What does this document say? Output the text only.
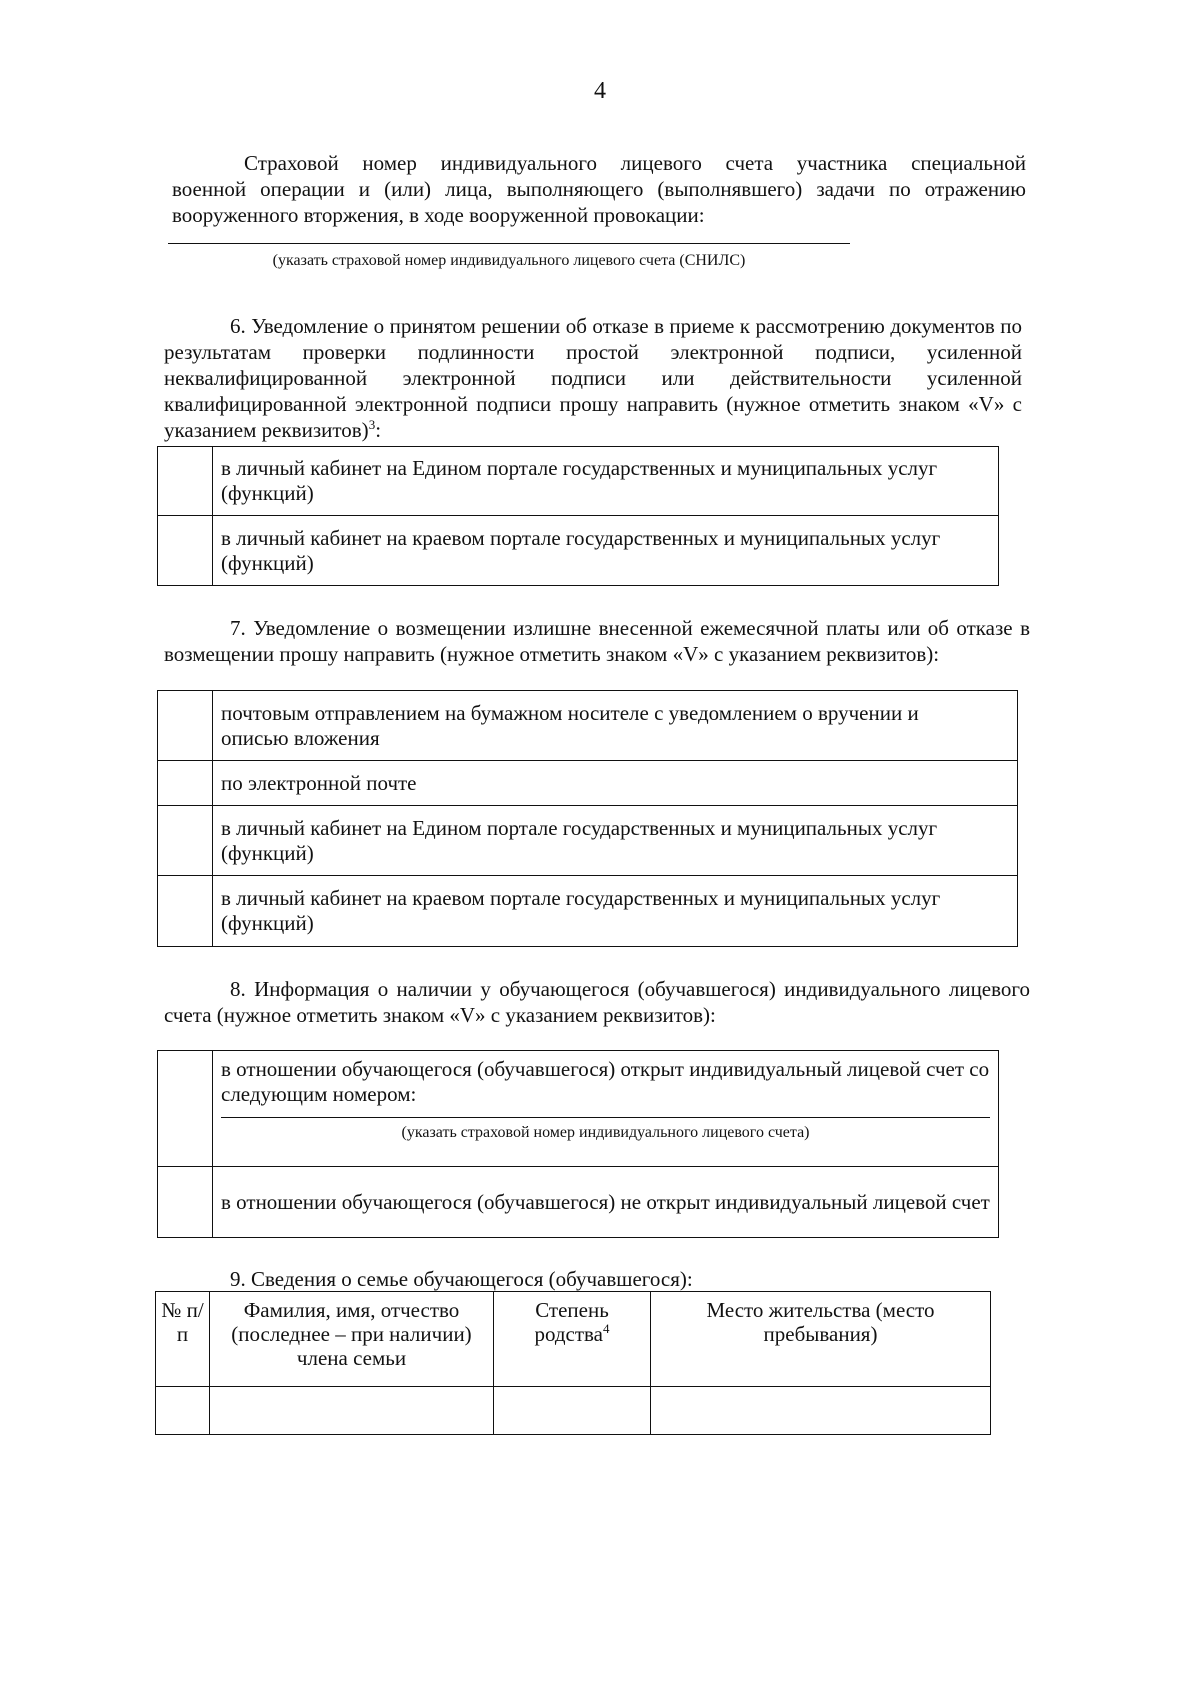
4
Страховой номер индивидуального лицевого счета участника специальной
военной операции и (или) лица, выполняющего (выполнявшего) задачи по отражению
вооруженного вторжения, в ходе вооруженной провокации:
(указать страховой номер индивидуального лицевого счета (СНИЛС)
6. Уведомление о принятом решении об отказе в приеме к рассмотрению документов по результатам проверки подлинности простой электронной подписи, усиленной неквалифицированной электронной подписи или действительности усиленной квалифицированной электронной подписи прошу направить (нужное отметить знаком «V» с указанием реквизитов)$^3$:
	в личный кабинет на Едином портале государственных и муниципальных услуг (функций)
	в личный кабинет на краевом портале государственных и муниципальных услуг (функций)
7. Уведомление о возмещении излишне внесенной ежемесячной платы или об отказе в возмещении прошу направить (нужное отметить знаком «V» с указанием реквизитов):
	почтовым отправлением на бумажном носителе с уведомлением о вручении и описью вложения
	по электронной почте
	в личный кабинет на Едином портале государственных и муниципальных услуг (функций)
	в личный кабинет на краевом портале государственных и муниципальных услуг (функций)
8. Информация о наличии у обучающегося (обучавшегося) индивидуального лицевого счета (нужное отметить знаком «V» с указанием реквизитов):

	в отношении обучающегося (обучавшегося) открыт индивидуальный лицевой счет со следующим номером:
(указать страховой номер индивидуального лицевого счета)

	в отношении обучающегося (обучавшегося) не открыт индивидуальный лицевой счет
9. Сведения о семье обучающегося (обучавшегося):
№ п/п	Фамилия, имя, отчество (последнее – при наличии) члена семьи	Степень родства$^4$	Место жительства (место пребывания)
